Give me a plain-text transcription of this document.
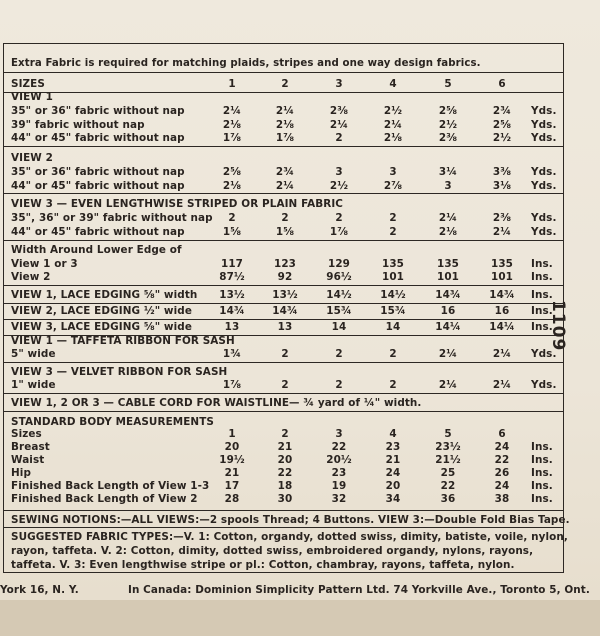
Extra Fabric is required for matching plaids, stripes and one way design fabrics.
SIZES	1	2	3	4	5	6
VIEW 1
35" or 36" fabric without nap	2¼	2¼	2⅜	2½	2⅝	2¾	Yds.
39" fabric without nap	2⅛	2⅛	2¼	2¼	2½	2⅝	Yds.
44" or 45" fabric without nap	1⅞	1⅞	2	2⅛	2⅜	2½	Yds.
VIEW 2
35" or 36" fabric without nap	2⅝	2¾	3	3	3¼	3⅜	Yds.
44" or 45" fabric without nap	2⅛	2¼	2½	2⅞	3	3⅛	Yds.
VIEW 3 — EVEN LENGTHWISE STRIPED OR PLAIN FABRIC
35", 36" or 39" fabric without nap	2	2	2	2	2¼	2⅜	Yds.
44" or 45" fabric without nap	1⅝	1⅝	1⅞	2	2⅛	2¼	Yds.
Width Around Lower Edge of
View 1 or 3	117	123	129	135	135	135	Ins.
View 2	87½	92	96½	101	101	101	Ins.
VIEW 1, LACE EDGING ⅝" width	13½	13½	14½	14½	14¾	14¾	Ins.
VIEW 2, LACE EDGING ½" wide	14¾	14¾	15¾	15¾	16	16	Ins.
VIEW 3, LACE EDGING ⅝" wide	13	13	14	14	14¼	14¼	Ins.
VIEW 1 — TAFFETA RIBBON FOR SASH
5" wide	1¾	2	2	2	2¼	2¼	Yds.
VIEW 3 — VELVET RIBBON FOR SASH
1" wide	1⅞	2	2	2	2¼	2¼	Yds.
VIEW 1, 2 OR 3 — CABLE CORD FOR WAISTLINE— ¾ yard of ¼" width.
STANDARD BODY MEASUREMENTS
Sizes	1	2	3	4	5	6
Breast	20	21	22	23	23½	24	Ins.
Waist	19½	20	20½	21	21½	22	Ins.
Hip	21	22	23	24	25	26	Ins.
Finished Back Length of View 1-3	17	18	19	20	22	24	Ins.
Finished Back Length of View 2	28	30	32	34	36	38	Ins.
SEWING NOTIONS:—ALL VIEWS:—2 spools Thread; 4 Buttons. VIEW 3:—Double Fold Bias Tape.
SUGGESTED FABRIC TYPES:—V. 1: Cotton, organdy, dotted swiss, dimity, batiste, voile, nylon,
rayon, taffeta. V. 2: Cotton, dimity, dotted swiss, embroidered organdy, nylons, rayons,
taffeta. V. 3: Even lengthwise stripe or pl.: Cotton, chambray, rayons, taffeta, nylon.
York 16, N. Y.	In Canada: Dominion Simplicity Pattern Ltd. 74 Yorkville Ave., Toronto 5, Ont.
1109
